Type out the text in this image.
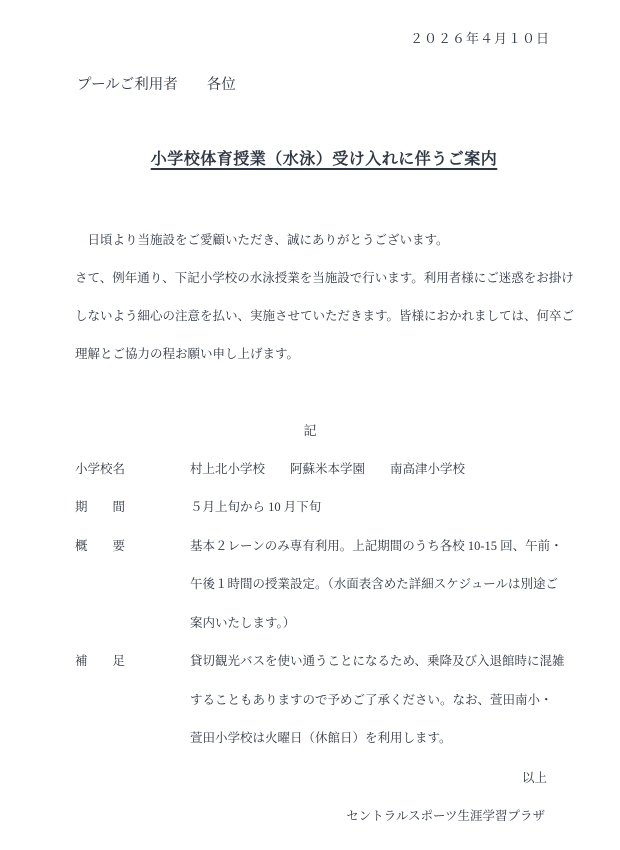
２０２６年４月１０日
プールご利用者　　各位
小学校体育授業（水泳）受け入れに伴うご案内
　日頃より当施設をご愛顧いただき、誠にありがとうございます。
さて、例年通り、下記小学校の水泳授業を当施設で行います。利用者様にご迷惑をお掛け
しないよう細心の注意を払い、実施させていただきます。皆様におかれましては、何卒ご
理解とご協力の程お願い申し上げます。
記
小学校名	村上北小学校　　阿蘇米本学園　　南高津小学校
期　　間	５月上旬から 10 月下旬
概　　要	基本２レーンのみ専有利用。上記期間のうち各校 10-15 回、午前・
午後１時間の授業設定。（水面表含めた詳細スケジュールは別途ご
案内いたします。）
補　　足	貸切観光バスを使い通うことになるため、乗降及び入退館時に混雑
することもありますので予めご了承ください。なお、萱田南小・
萱田小学校は火曜日（休館日）を利用します。
以上
セントラルスポーツ生涯学習プラザ
